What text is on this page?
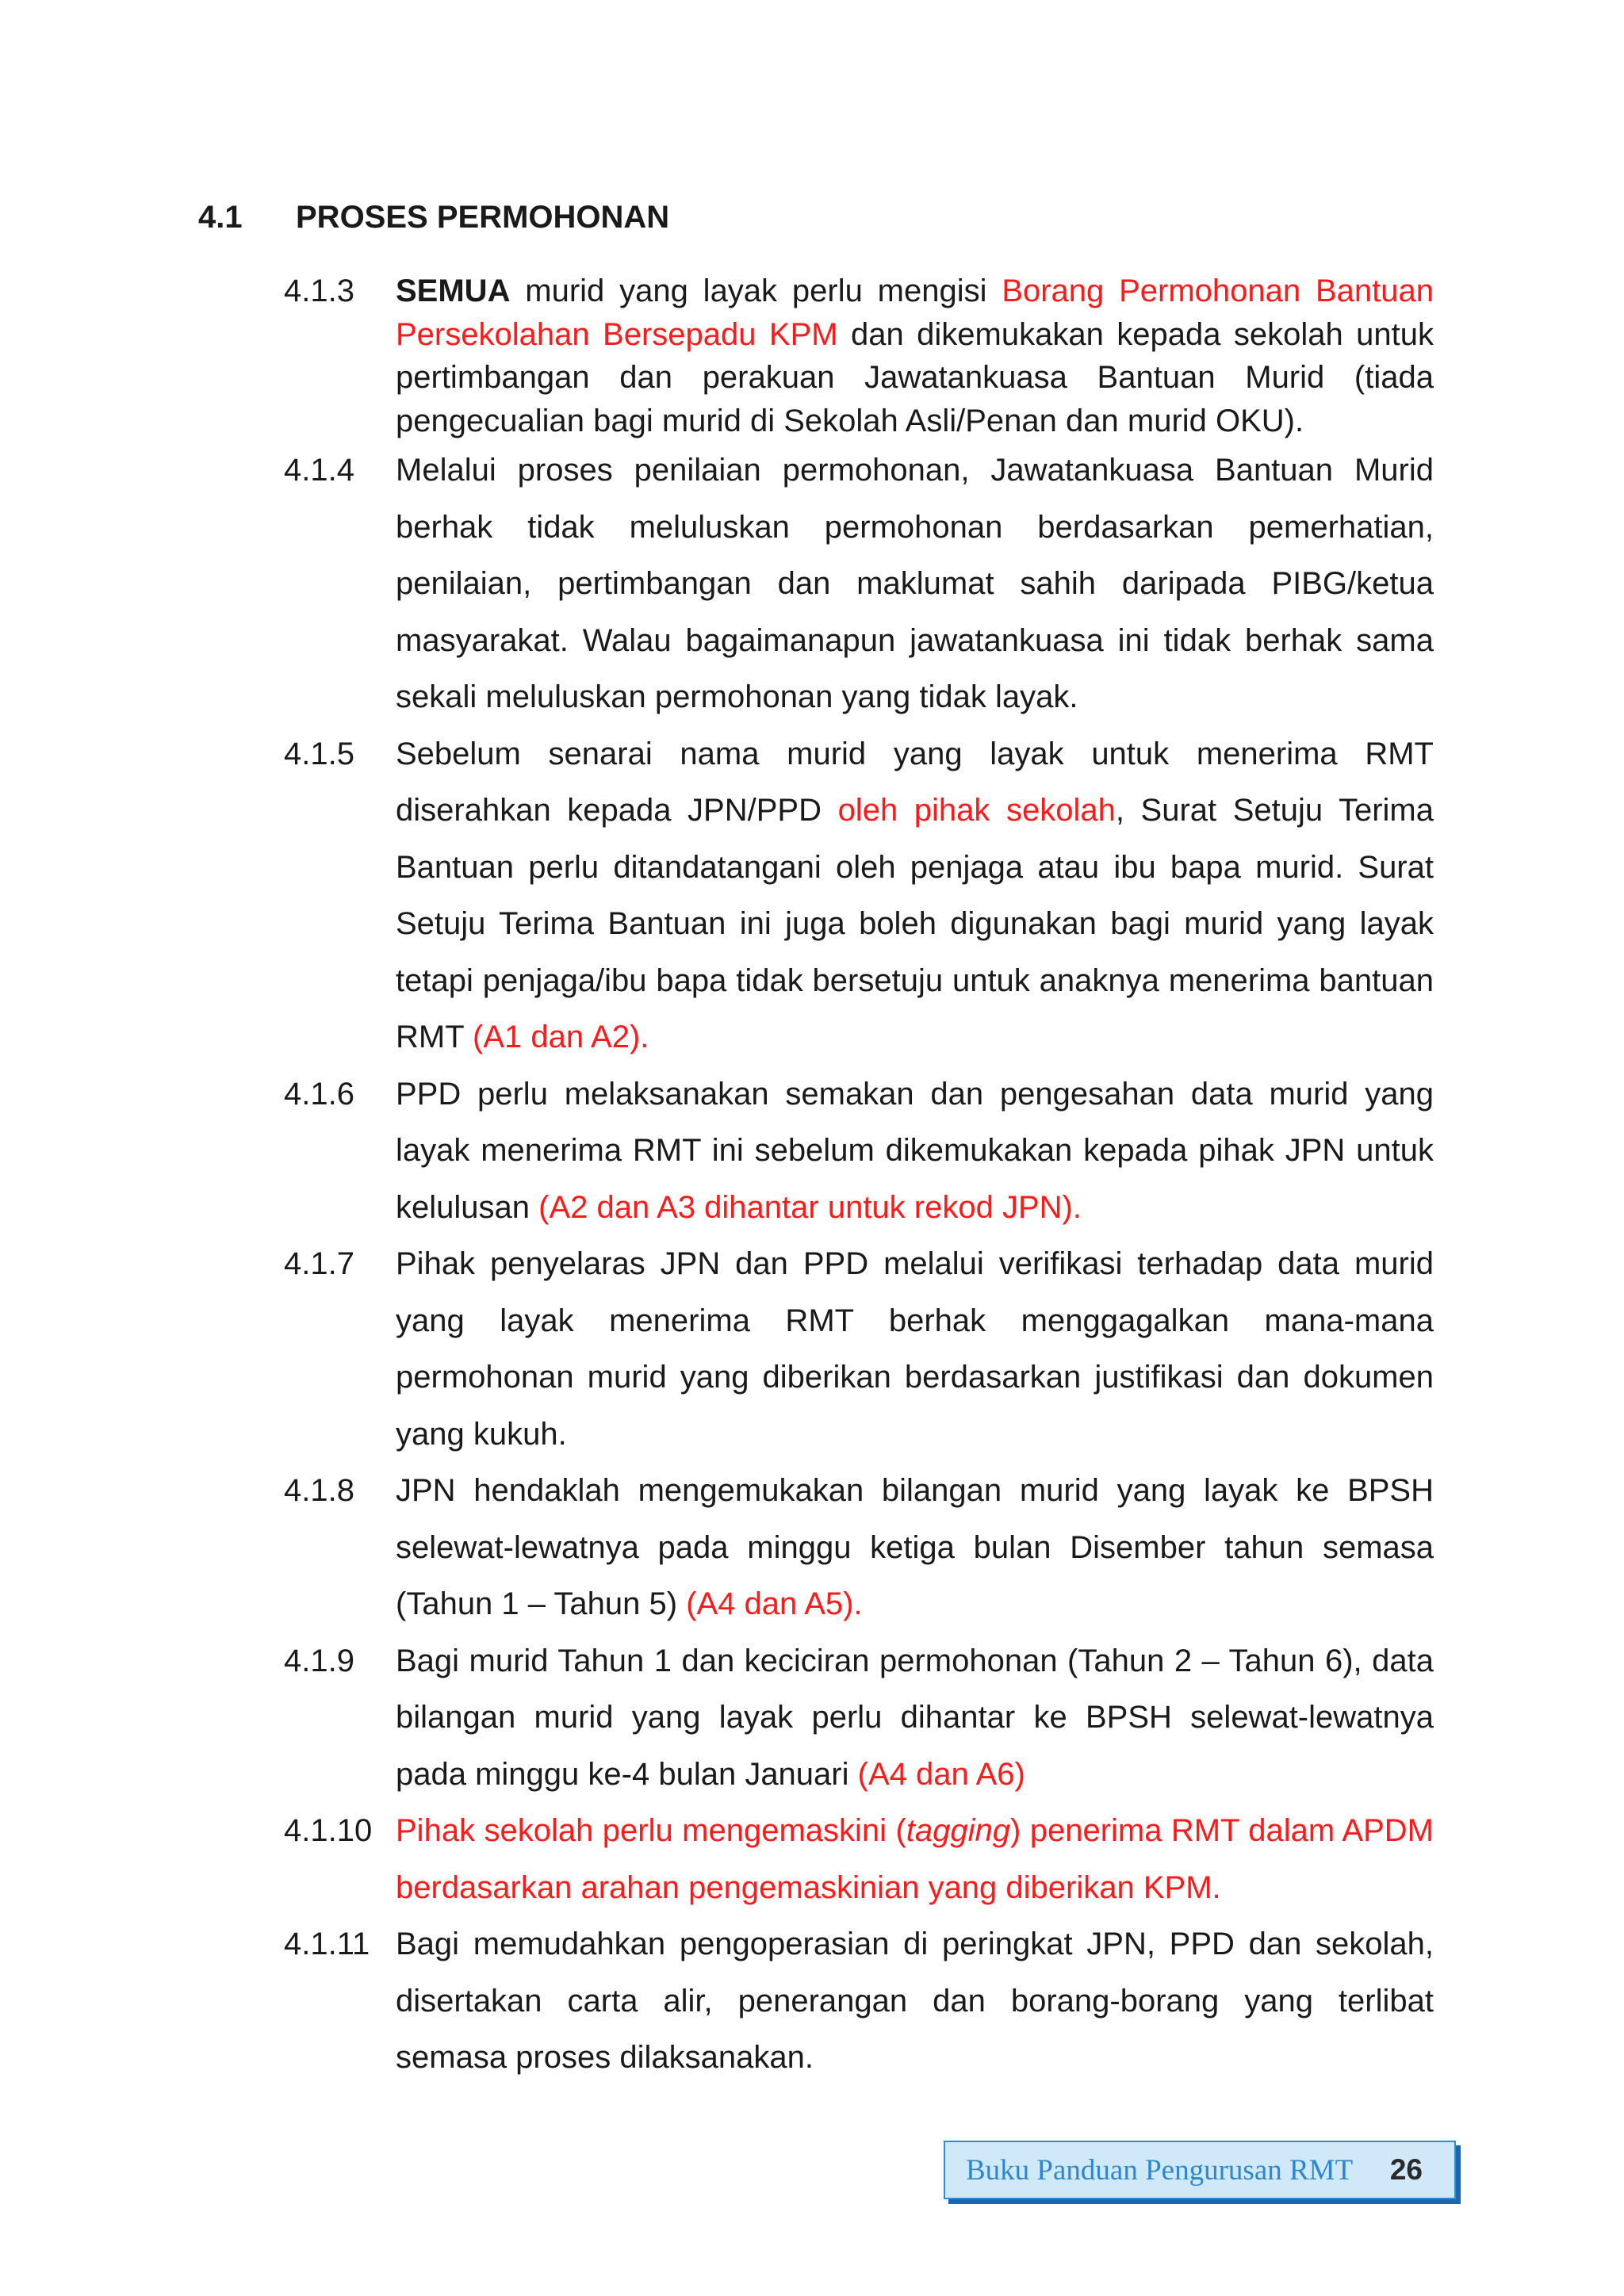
4.1 PROSES PERMOHONAN
4.1.3 SEMUA murid yang layak perlu mengisi Borang Permohonan Bantuan Persekolahan Bersepadu KPM dan dikemukakan kepada sekolah untuk pertimbangan dan perakuan Jawatankuasa Bantuan Murid (tiada pengecualian bagi murid di Sekolah Asli/Penan dan murid OKU).

4.1.4 Melalui proses penilaian permohonan, Jawatankuasa Bantuan Murid berhak tidak meluluskan permohonan berdasarkan pemerhatian, penilaian, pertimbangan dan maklumat sahih daripada PIBG/ketua masyarakat. Walau bagaimanapun jawatankuasa ini tidak berhak sama sekali meluluskan permohonan yang tidak layak.

4.1.5 Sebelum senarai nama murid yang layak untuk menerima RMT diserahkan kepada JPN/PPD oleh pihak sekolah, Surat Setuju Terima Bantuan perlu ditandatangani oleh penjaga atau ibu bapa murid. Surat Setuju Terima Bantuan ini juga boleh digunakan bagi murid yang layak tetapi penjaga/ibu bapa tidak bersetuju untuk anaknya menerima bantuan RMT (A1 dan A2).

4.1.6 PPD perlu melaksanakan semakan dan pengesahan data murid yang layak menerima RMT ini sebelum dikemukakan kepada pihak JPN untuk kelulusan (A2 dan A3 dihantar untuk rekod JPN).

4.1.7 Pihak penyelaras JPN dan PPD melalui verifikasi terhadap data murid yang layak menerima RMT berhak menggagalkan mana-mana permohonan murid yang diberikan berdasarkan justifikasi dan dokumen yang kukuh.

4.1.8 JPN hendaklah mengemukakan bilangan murid yang layak ke BPSH selewat-lewatnya pada minggu ketiga bulan Disember tahun semasa (Tahun 1 – Tahun 5) (A4 dan A5).

4.1.9 Bagi murid Tahun 1 dan keciciran permohonan (Tahun 2 – Tahun 6), data bilangan murid yang layak perlu dihantar ke BPSH selewat-lewatnya pada minggu ke-4 bulan Januari (A4 dan A6)

4.1.10 Pihak sekolah perlu mengemaskini (tagging) penerima RMT dalam APDM berdasarkan arahan pengemaskinian yang diberikan KPM.

4.1.11 Bagi memudahkan pengoperasian di peringkat JPN, PPD dan sekolah, disertakan carta alir, penerangan dan borang-borang yang terlibat semasa proses dilaksanakan.

Buku Panduan Pengurusan RMT 26
